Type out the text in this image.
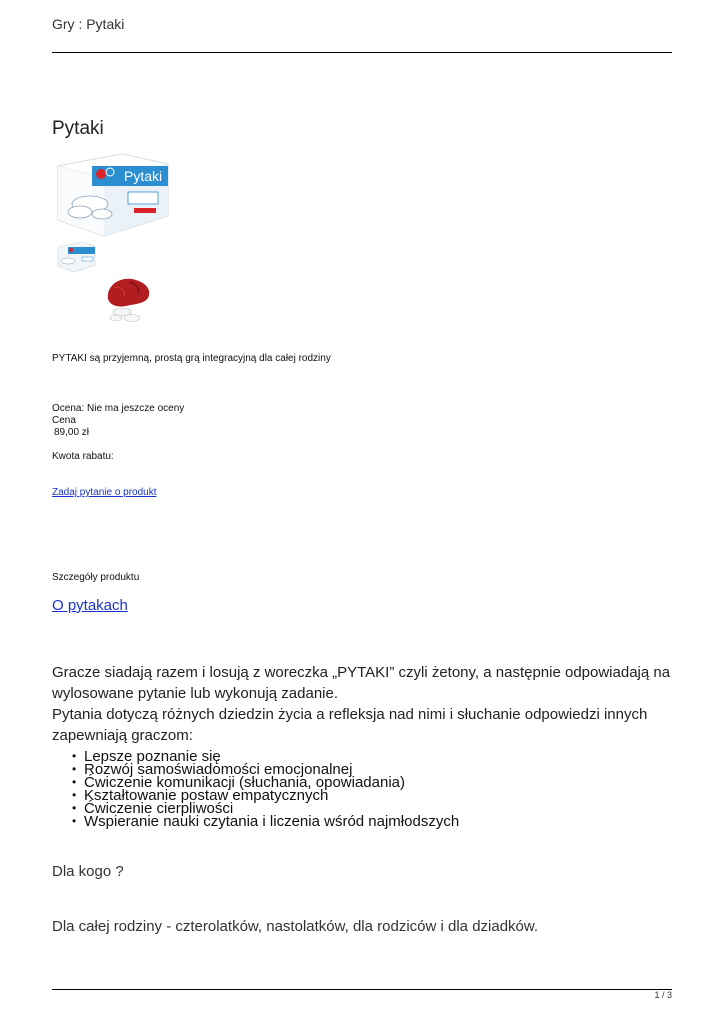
Gry : Pytaki
Pytaki
Pytaki
PYTAKI są przyjemną, prostą grą integracyjną dla całej rodziny
Ocena: Nie ma jeszcze oceny
Cena
89,00 zł
Kwota rabatu:
Zadaj pytanie o produkt
Szczegóły produktu
O pytakach

Gracze siadają razem i losują z woreczka „PYTAKI” czyli żetony, a następnie odpowiadają na wylosowane pytanie lub wykonują zadanie.

Pytania dotyczą różnych dziedzin życia a refleksja nad nimi i słuchanie odpowiedzi innych zapewniają graczom:

• Lepsze poznanie się
• Rozwój samoświadomości emocjonalnej
• Ćwiczenie komunikacji (słuchania, opowiadania)
• Kształtowanie postaw empatycznych
• Ćwiczenie cierpliwości
• Wspieranie nauki czytania i liczenia wśród najmłodszych
Dla kogo ?
Dla całej rodziny - czterolatków, nastolatków, dla rodziców i dla dziadków.
1 / 3
